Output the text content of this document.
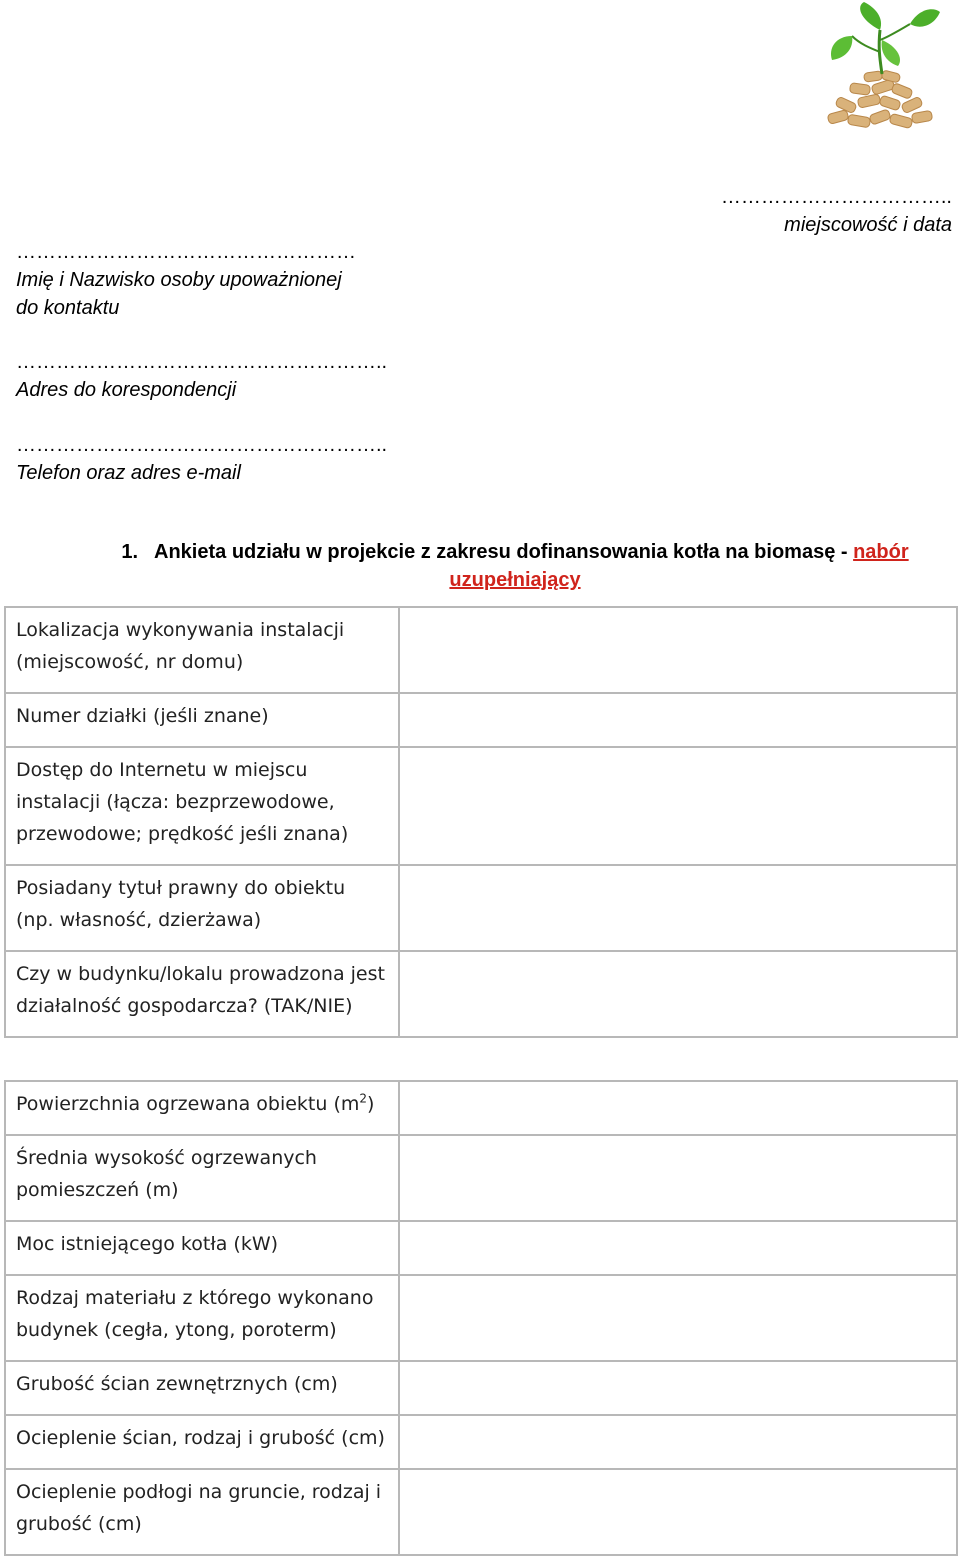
……………………………..
miejscowość i data
……………………………………………
Imię i Nazwisko osoby upoważnionej
do kontaktu
………………………………………………..
Adres do korespondencji
………………………………………………..
Telefon oraz adres e-mail
1. Ankieta udziału w projekcie z zakresu dofinansowania kotła na biomasę - nabór
uzupełniający
Lokalizacja wykonywania instalacji (miejscowość, nr domu)	
Numer działki (jeśli znane)	
Dostęp do Internetu w miejscu instalacji (łącza: bezprzewodowe, przewodowe; prędkość jeśli znana)	
Posiadany tytuł prawny do obiektu (np. własność, dzierżawa)	
Czy w budynku/lokalu prowadzona jest działalność gospodarcza? (TAK/NIE)	
Powierzchnia ogrzewana obiektu $(m^2)$	
Średnia wysokość ogrzewanych pomieszczeń (m)	
Moc istniejącego kotła (kW)	
Rodzaj materiału z którego wykonano budynek (cegła, ytong, poroterm)	
Grubość ścian zewnętrznych (cm)	
Ocieplenie ścian, rodzaj i grubość (cm)	
Ocieplenie podłogi na gruncie, rodzaj i grubość (cm)	
